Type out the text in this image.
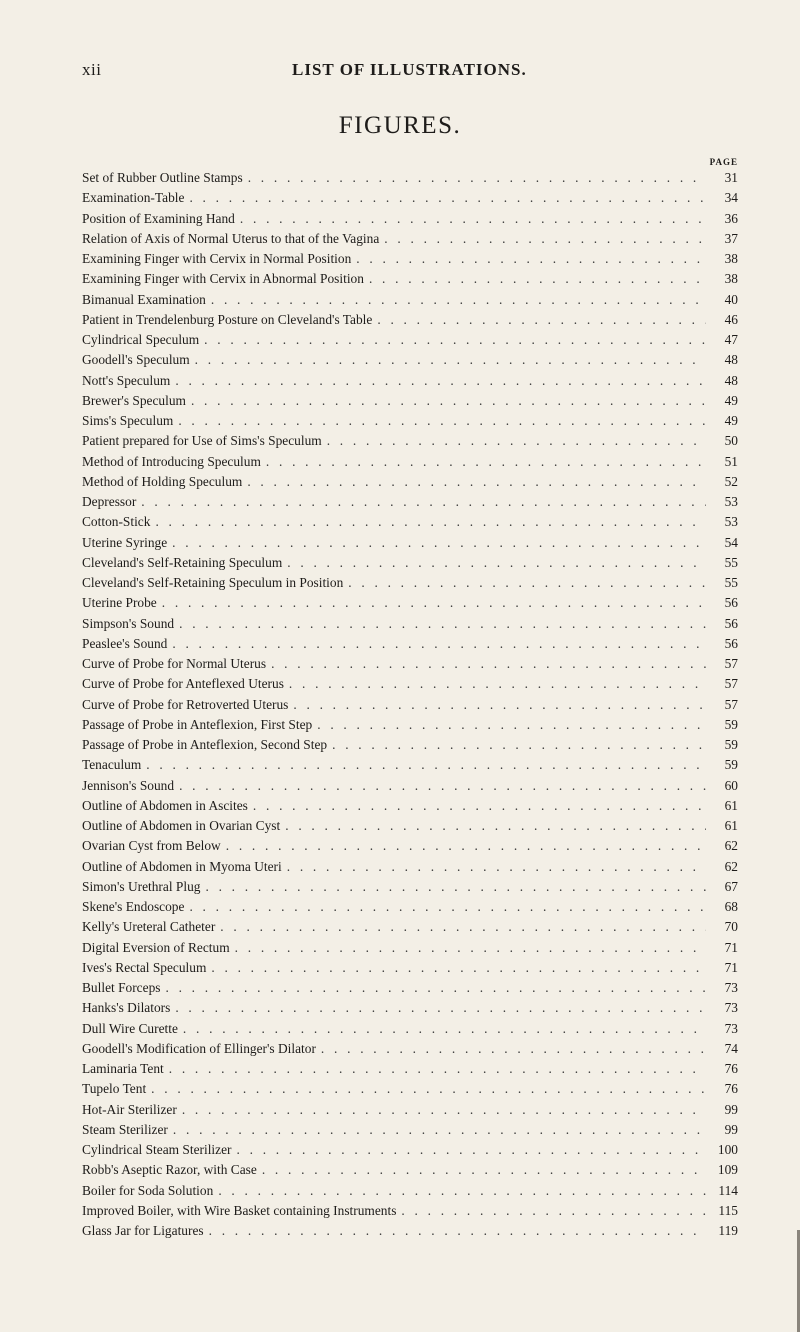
xii	LIST OF ILLUSTRATIONS.
FIGURES.
PAGE
Set of Rubber Outline Stamps . . .	31
Examination-Table . . .	34
Position of Examining Hand . . .	36
Relation of Axis of Normal Uterus to that of the Vagina . . .	37
Examining Finger with Cervix in Normal Position . . .	38
Examining Finger with Cervix in Abnormal Position . . .	38
Bimanual Examination . . .	40
Patient in Trendelenburg Posture on Cleveland's Table . . .	46
Cylindrical Speculum . . .	47
Goodell's Speculum . . .	48
Nott's Speculum . . .	48
Brewer's Speculum . . .	49
Sims's Speculum . . .	49
Patient prepared for Use of Sims's Speculum . . .	50
Method of Introducing Speculum . . .	51
Method of Holding Speculum . . .	52
Depressor . . .	53
Cotton-Stick . . .	53
Uterine Syringe . . .	54
Cleveland's Self-Retaining Speculum . . .	55
Cleveland's Self-Retaining Speculum in Position . . .	55
Uterine Probe . . .	56
Simpson's Sound . . .	56
Peaslee's Sound . . .	56
Curve of Probe for Normal Uterus . . .	57
Curve of Probe for Anteflexed Uterus . . .	57
Curve of Probe for Retroverted Uterus . . .	57
Passage of Probe in Anteflexion, First Step . . .	59
Passage of Probe in Anteflexion, Second Step . . .	59
Tenaculum . . .	59
Jennison's Sound . . .	60
Outline of Abdomen in Ascites . . .	61
Outline of Abdomen in Ovarian Cyst . . .	61
Ovarian Cyst from Below . . .	62
Outline of Abdomen in Myoma Uteri . . .	62
Simon's Urethral Plug . . .	67
Skene's Endoscope . . .	68
Kelly's Ureteral Catheter . . .	70
Digital Eversion of Rectum . . .	71
Ives's Rectal Speculum . . .	71
Bullet Forceps . . .	73
Hanks's Dilators . . .	73
Dull Wire Curette . . .	73
Goodell's Modification of Ellinger's Dilator . . .	74
Laminaria Tent . . .	76
Tupelo Tent . . .	76
Hot-Air Sterilizer . . .	99
Steam Sterilizer . . .	99
Cylindrical Steam Sterilizer . . .	100
Robb's Aseptic Razor, with Case . . .	109
Boiler for Soda Solution . . .	114
Improved Boiler, with Wire Basket containing Instruments . . .	115
Glass Jar for Ligatures . . .	119
